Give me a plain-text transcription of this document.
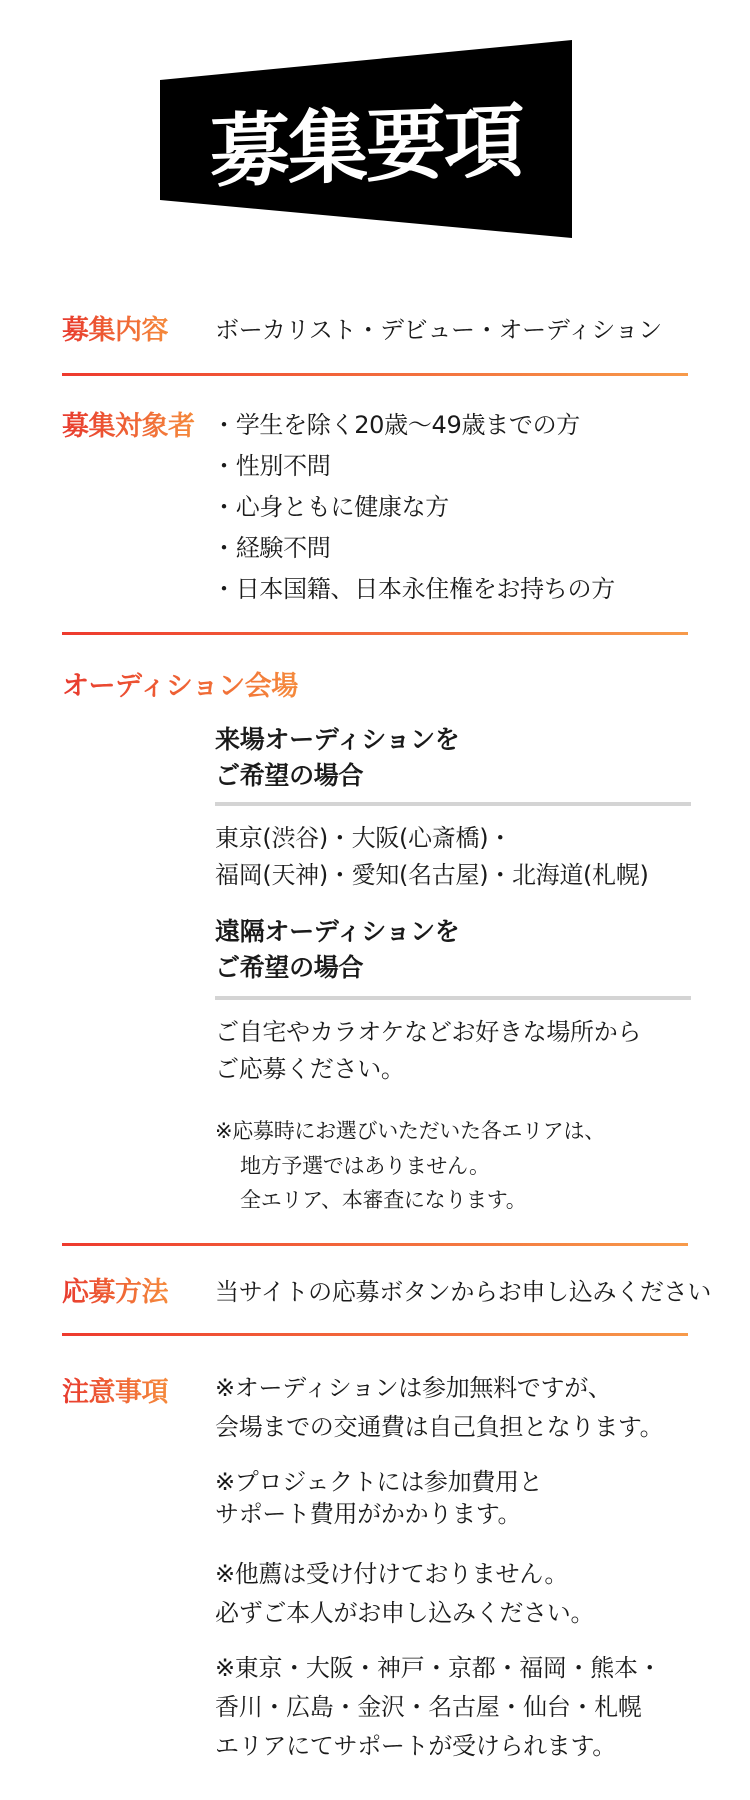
募集要項
募集内容 ボーカリスト・デビュー・オーディション
募集対象者 ・学生を除く20歳〜49歳までの方
・性別不問
・心身ともに健康な方
・経験不問
・日本国籍、日本永住権をお持ちの方
オーディション会場
来場オーディションを
ご希望の場合
東京(渋谷)・大阪(心斎橋)・
福岡(天神)・愛知(名古屋)・北海道(札幌)
遠隔オーディションを
ご希望の場合
ご自宅やカラオケなどお好きな場所から
ご応募ください。
※応募時にお選びいただいた各エリアは、
地方予選ではありません。
全エリア、本審査になります。
応募方法 当サイトの応募ボタンからお申し込みください
注意事項 ※オーディションは参加無料ですが、
会場までの交通費は自己負担となります。
※プロジェクトには参加費用と
サポート費用がかかります。
※他薦は受け付けておりません。
必ずご本人がお申し込みください。
※東京・大阪・神戸・京都・福岡・熊本・
香川・広島・金沢・名古屋・仙台・札幌
エリアにてサポートが受けられます。
